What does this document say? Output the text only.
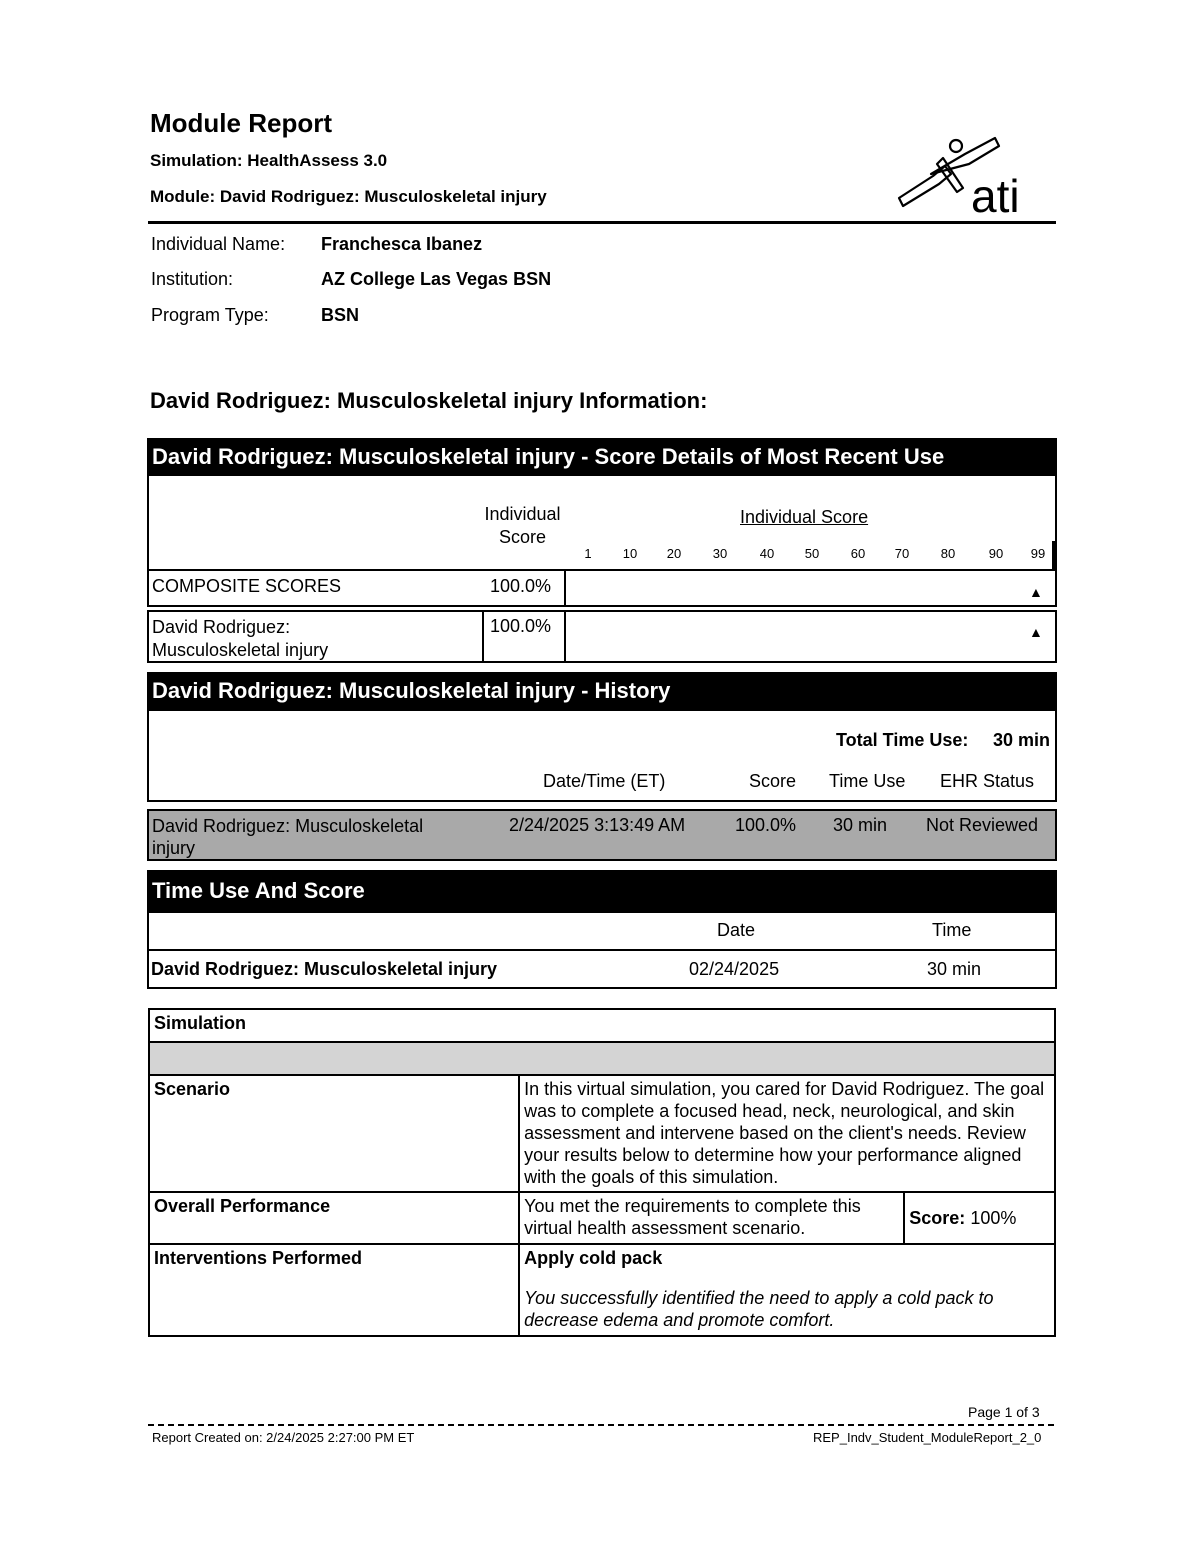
Module Report
Simulation: HealthAssess 3.0
Module: David Rodriguez: Musculoskeletal injury	ati
Individual Name: Franchesca Ibanez
Institution:	AZ College Las Vegas BSN
Program Type:	BSN
David Rodriguez: Musculoskeletal injury Information:
David Rodriguez: Musculoskeletal injury - Score Details of Most Recent Use
Individual
Score
Individual Score
1	10 20 30	40 50 60 70 80	90 99
COMPOSITE SCORES	100.0%	▲
David Rodriguez:
Musculoskeletal injury
100.0%	▲
David Rodriguez: Musculoskeletal injury - History
Total Time Use: 30 min
Date/Time (ET)	Score Time Use EHR Status
David Rodriguez: Musculoskeletal
injury
2/24/2025 3:13:49 AM	100.0% 30 min Not Reviewed
Time Use And Score
Date	Time
David Rodriguez: Musculoskeletal injury	02/24/2025	30 min
Simulation		

Scenario	In this virtual simulation, you cared for David Rodriguez. The goal was to complete a focused head, neck, neurological, and skin assessment and intervene based on the client's needs. Review your results below to determine how your performance aligned with the goals of this simulation.	
Overall Performance	You met the requirements to complete this virtual health assessment scenario.	Score: 100%
Interventions Performed	Apply cold pack
You successfully identified the need to apply a cold pack to decrease edema and promote comfort.	
Page 1 of 3
Report Created on: 2/24/2025 2:27:00 PM ET	REP_Indv_Student_ModuleReport_2_0
